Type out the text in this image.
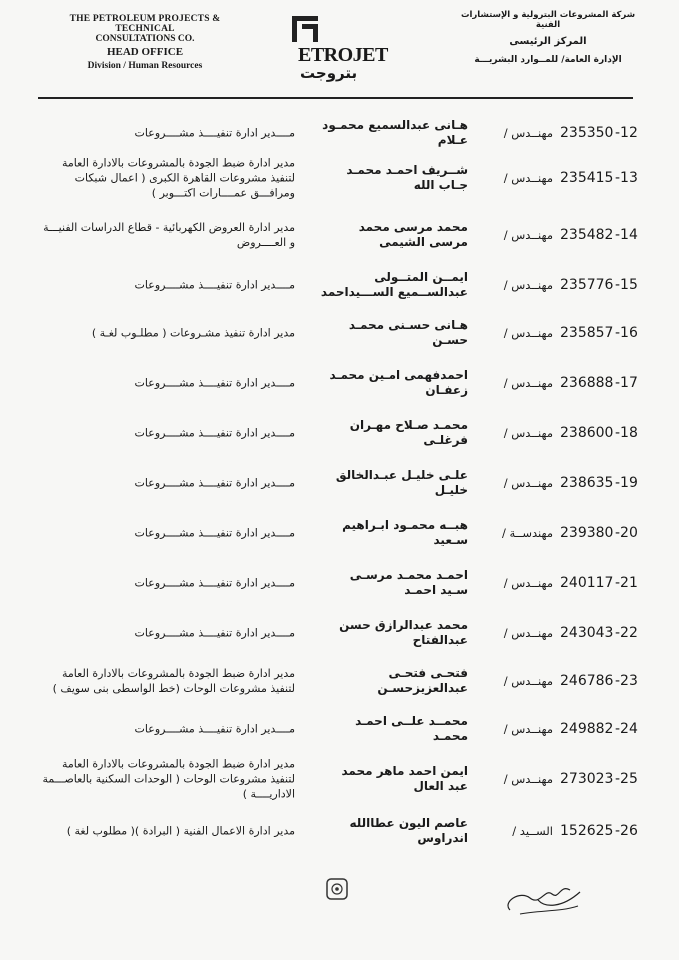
THE PETROLEUM PROJECTS & TECHNICAL
CONSULTATIONS CO.
HEAD OFFICE
Division / Human Resources	ETROJET
بتروجت
شركة المشروعات البترولية و الإستشارات الفنية
المركز الرئيسى
الإدارة العامة/ للمــوارد البشريـــة
-12
235350
مهنــدس /
هـانى عبدالسميع محمـود عـلام
مــــدير ادارة تنفيــــذ مشــــروعات
-13
235415
مهنــدس /
شــريف احمـد محمـد جـاب الله
مدير ادارة ضبط الجودة بالمشروعات بالادارة العامة لتنفيذ مشروعات القاهرة الكبرى ( اعمال شبكات ومرافـــق عمــــارات اكتـــوبر )
-14
235482
مهنــدس /
محمد مرسى محمد مرسى الشيمى
مدير ادارة العروض الكهربائية - قطاع الدراسات الفنيـــة و العــــروض
-15
235776
مهنــدس /
ايمــن المتــولى عبدالســميع الســـيداحمد
مــــدير ادارة تنفيــــذ مشــــروعات
-16
235857
مهنــدس /
هـانى حسـنى محمـد حسـن
مدير ادارة تنفيذ مشـروعات ( مطلـوب لغـة )
-17
236888
مهنــدس /
احمدفهمى امـين محمـد زعفـان
مــــدير ادارة تنفيــــذ مشــــروعات
-18
238600
مهنــدس /
محمـد صـلاح مهـران فرغلـى
مــــدير ادارة تنفيــــذ مشــــروعات
-19
238635
مهنــدس /
علـى خليـل عبـدالخالق خليـل
مــــدير ادارة تنفيــــذ مشــــروعات
-20
239380
مهندســة /
هبــه محمـود ابـراهيم سـعيد
مــــدير ادارة تنفيــــذ مشــــروعات
-21
240117
مهنــدس /
احمـد محمـد مرسـى سـيد احمـد
مــــدير ادارة تنفيــــذ مشــــروعات
-22
243043
مهنــدس /
محمد عبدالرازق حسن عبدالفتاح
مــــدير ادارة تنفيــــذ مشــــروعات
-23
246786
مهنــدس /
فتحـى فتحـى عبدالعزيزحسـن
مدير ادارة ضبط الجودة بالمشروعات بالادارة العامة لتنفيذ مشروعات الوحات (خط الواسطى بنى سويف )
-24
249882
مهنــدس /
محمــد علــى احمـد محمـد
مــــدير ادارة تنفيــــذ مشــــروعات
-25
273023
مهنــدس /
ايمن احمد ماهر محمد عبد العال
مدير ادارة ضبط الجودة بالمشروعات بالادارة العامة لتنفيذ مشروعات الوحات ( الوحدات السكنية بالعاصـــمة الاداريــــة )
-26
152625
الســيد /
عاصم اليون عطاالله اندراوس
مدير ادارة الاعمال الفنية ( البرادة )( مطلوب لغة )
